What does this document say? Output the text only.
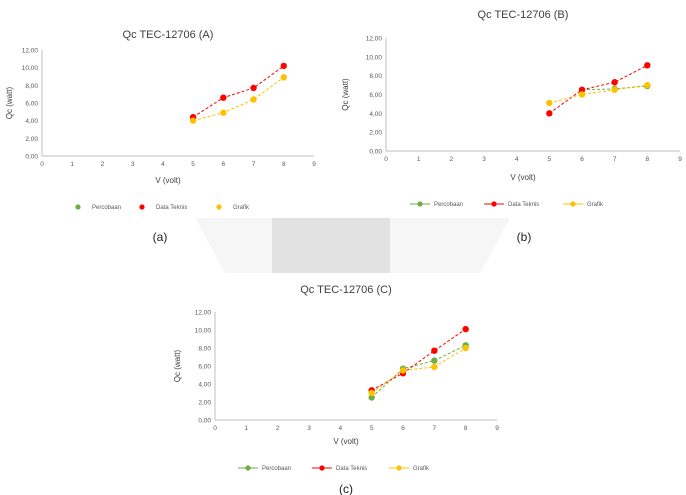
Qc TEC-12706 (A)
0	1	2	3	4	5	6	7	8	9
0,00
2,00
4,00
6,00
8,00
10,00
12,00
V (volt)
Qc (watt)
Percobaan	Data Teknis	Grafik
Qc TEC-12706 (B)
0	1	2	3	4	5	6	7	8	9
0,00
2,00
4,00
6,00
8,00
10,00
12,00
V (volt)
Qc (watt)
Percobaan	Data Teknis	Grafik
Qc TEC-12706 (C)
0	1	2	3	4	5	6	7	8	9
0,00
2,00
4,00
6,00
8,00
10,00
12,00
V (volt)
Qc (watt)
Percobaan	Data Teknis	Grafik
(a)	(b)
(c)
